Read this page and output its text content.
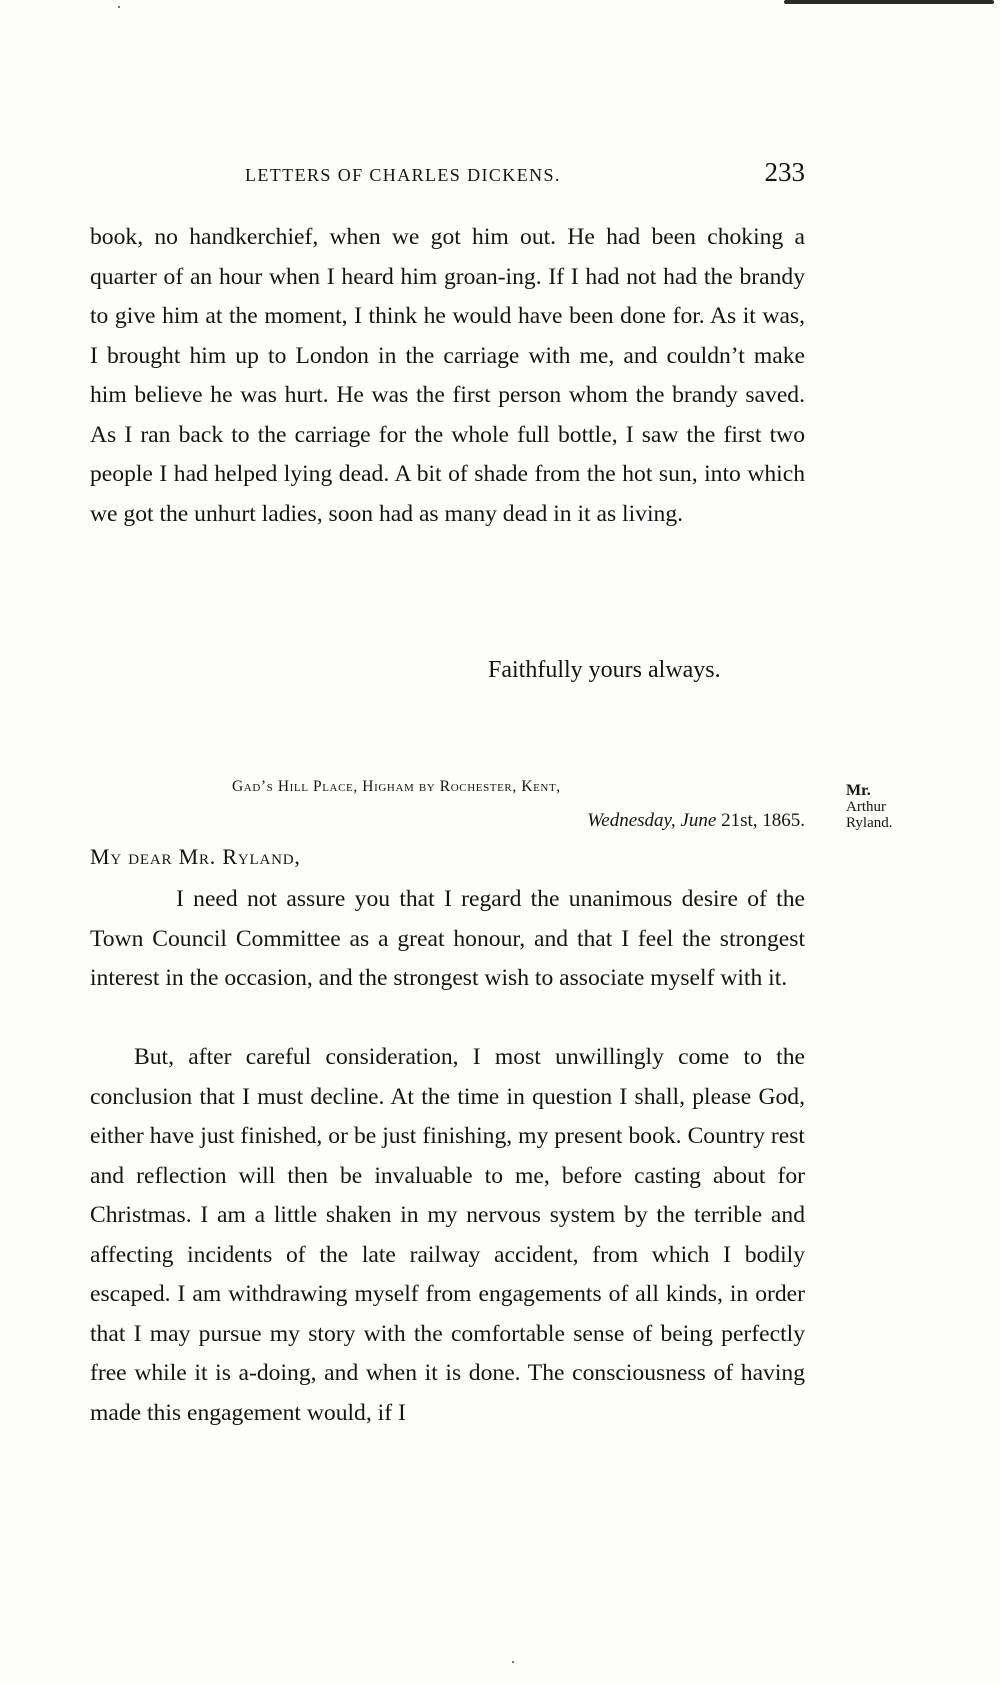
LETTERS OF CHARLES DICKENS.	233

book, no handkerchief, when we got him out. He had been choking a quarter of an hour when I heard him groan-ing. If I had not had the brandy to give him at the moment, I think he would have been done for. As it was, I brought him up to London in the carriage with me, and couldn’t make him believe he was hurt. He was the first person whom the brandy saved. As I ran back to the carriage for the whole full bottle, I saw the first two people I had helped lying dead. A bit of shade from the hot sun, into which we got the unhurt ladies, soon had as many dead in it as living.

Faithfully yours always.
Gad’s Hill Place, Higham by Rochester, Kent,
Wednesday, June 21st, 1865.
Mr.
Arthur
Ryland.
My dear Mr. Ryland,

I need not assure you that I regard the unanimous desire of the Town Council Committee as a great honour, and that I feel the strongest interest in the occasion, and the strongest wish to associate myself with it.

But, after careful consideration, I most unwillingly come to the conclusion that I must decline. At the time in question I shall, please God, either have just finished, or be just finishing, my present book. Country rest and reflection will then be invaluable to me, before casting about for Christmas. I am a little shaken in my nervous system by the terrible and affecting incidents of the late railway accident, from which I bodily escaped. I am withdrawing myself from engagements of all kinds, in order that I may pursue my story with the comfortable sense of being perfectly free while it is a-doing, and when it is done. The consciousness of having made this engagement would, if I
